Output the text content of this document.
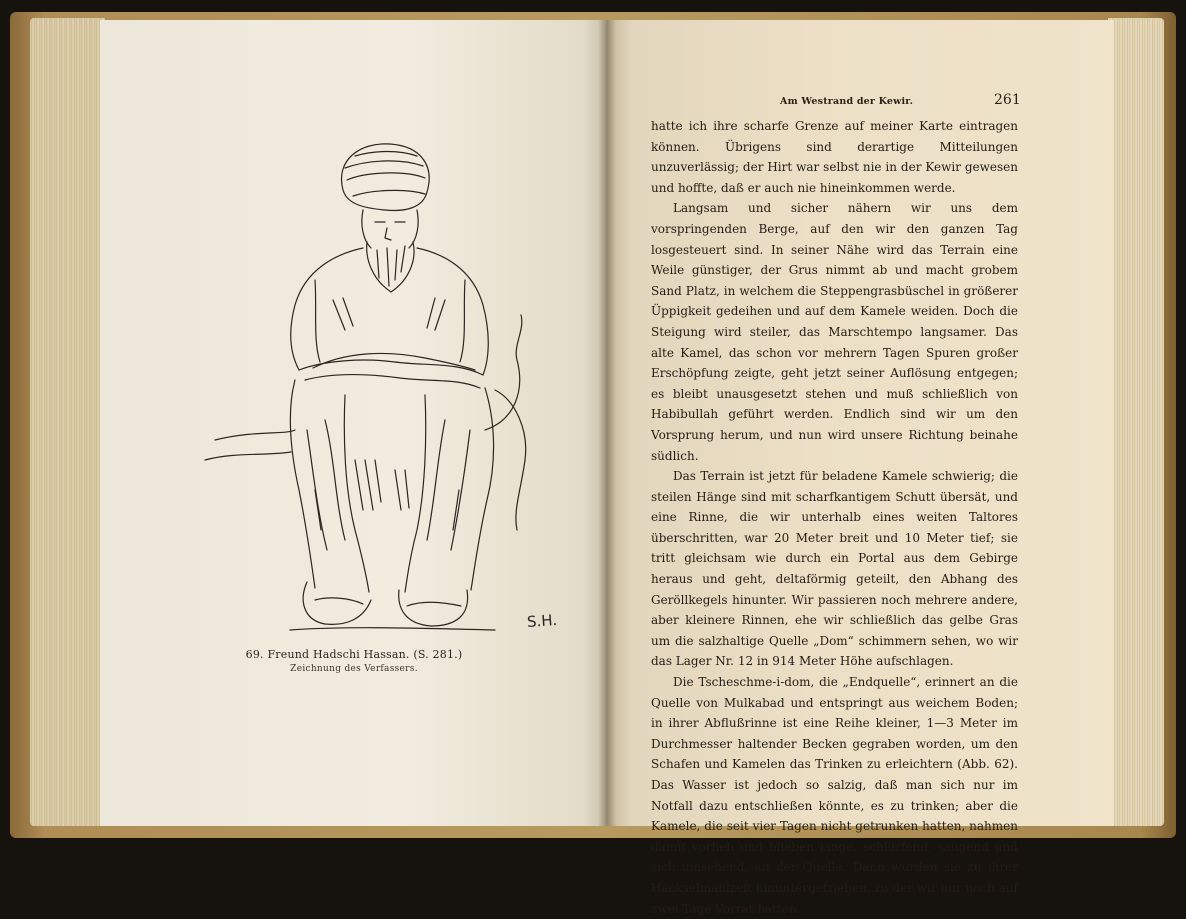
S.H.
69. Freund Hadschi Hassan. (S. 281.)
Zeichnung des Verfassers.
Am Westrand der Kewir.	261

hatte ich ihre scharfe Grenze auf meiner Karte eintragen können. Übrigens sind derartige Mitteilungen unzuverlässig; der Hirt war selbst nie in der Kewir gewesen und hoffte, daß er auch nie hineinkommen werde.

Langsam und sicher nähern wir uns dem vorspringenden Berge, auf den wir den ganzen Tag losgesteuert sind. In seiner Nähe wird das Terrain eine Weile günstiger, der Grus nimmt ab und macht grobem Sand Platz, in welchem die Steppengrasbüschel in größerer Üppigkeit gedeihen und auf dem Kamele weiden. Doch die Steigung wird steiler, das Marschtempo langsamer. Das alte Kamel, das schon vor mehrern Tagen Spuren großer Erschöpfung zeigte, geht jetzt seiner Auflösung entgegen; es bleibt unausgesetzt stehen und muß schließlich von Habibullah geführt werden. Endlich sind wir um den Vorsprung herum, und nun wird unsere Richtung beinahe südlich.

Das Terrain ist jetzt für beladene Kamele schwierig; die steilen Hänge sind mit scharfkantigem Schutt übersät, und eine Rinne, die wir unterhalb eines weiten Taltores überschritten, war 20 Meter breit und 10 Meter tief; sie tritt gleichsam wie durch ein Portal aus dem Gebirge heraus und geht, deltaförmig geteilt, den Abhang des Geröllkegels hinunter. Wir passieren noch mehrere andere, aber kleinere Rinnen, ehe wir schließlich das gelbe Gras um die salzhaltige Quelle „Dom“ schimmern sehen, wo wir das Lager Nr. 12 in 914 Meter Höhe aufschlagen.

Die Tscheschme-i-dom, die „Endquelle“, erinnert an die Quelle von Mulkabad und entspringt aus weichem Boden; in ihrer Abflußrinne ist eine Reihe kleiner, 1—3 Meter im Durchmesser haltender Becken gegraben worden, um den Schafen und Kamelen das Trinken zu erleichtern (Abb. 62). Das Wasser ist jedoch so salzig, daß man sich nur im Notfall dazu entschließen könnte, es zu trinken; aber die Kamele, die seit vier Tagen nicht getrunken hatten, nahmen damit vorlieb und blieben lange, schlürfend, saugend und sich umsehend, an der Quelle. Dann wurden sie zu ihrer Häckselmahlzeit hinuntergetrieben, zu der wir nur noch auf zwei Tage Vorrat hatten.
